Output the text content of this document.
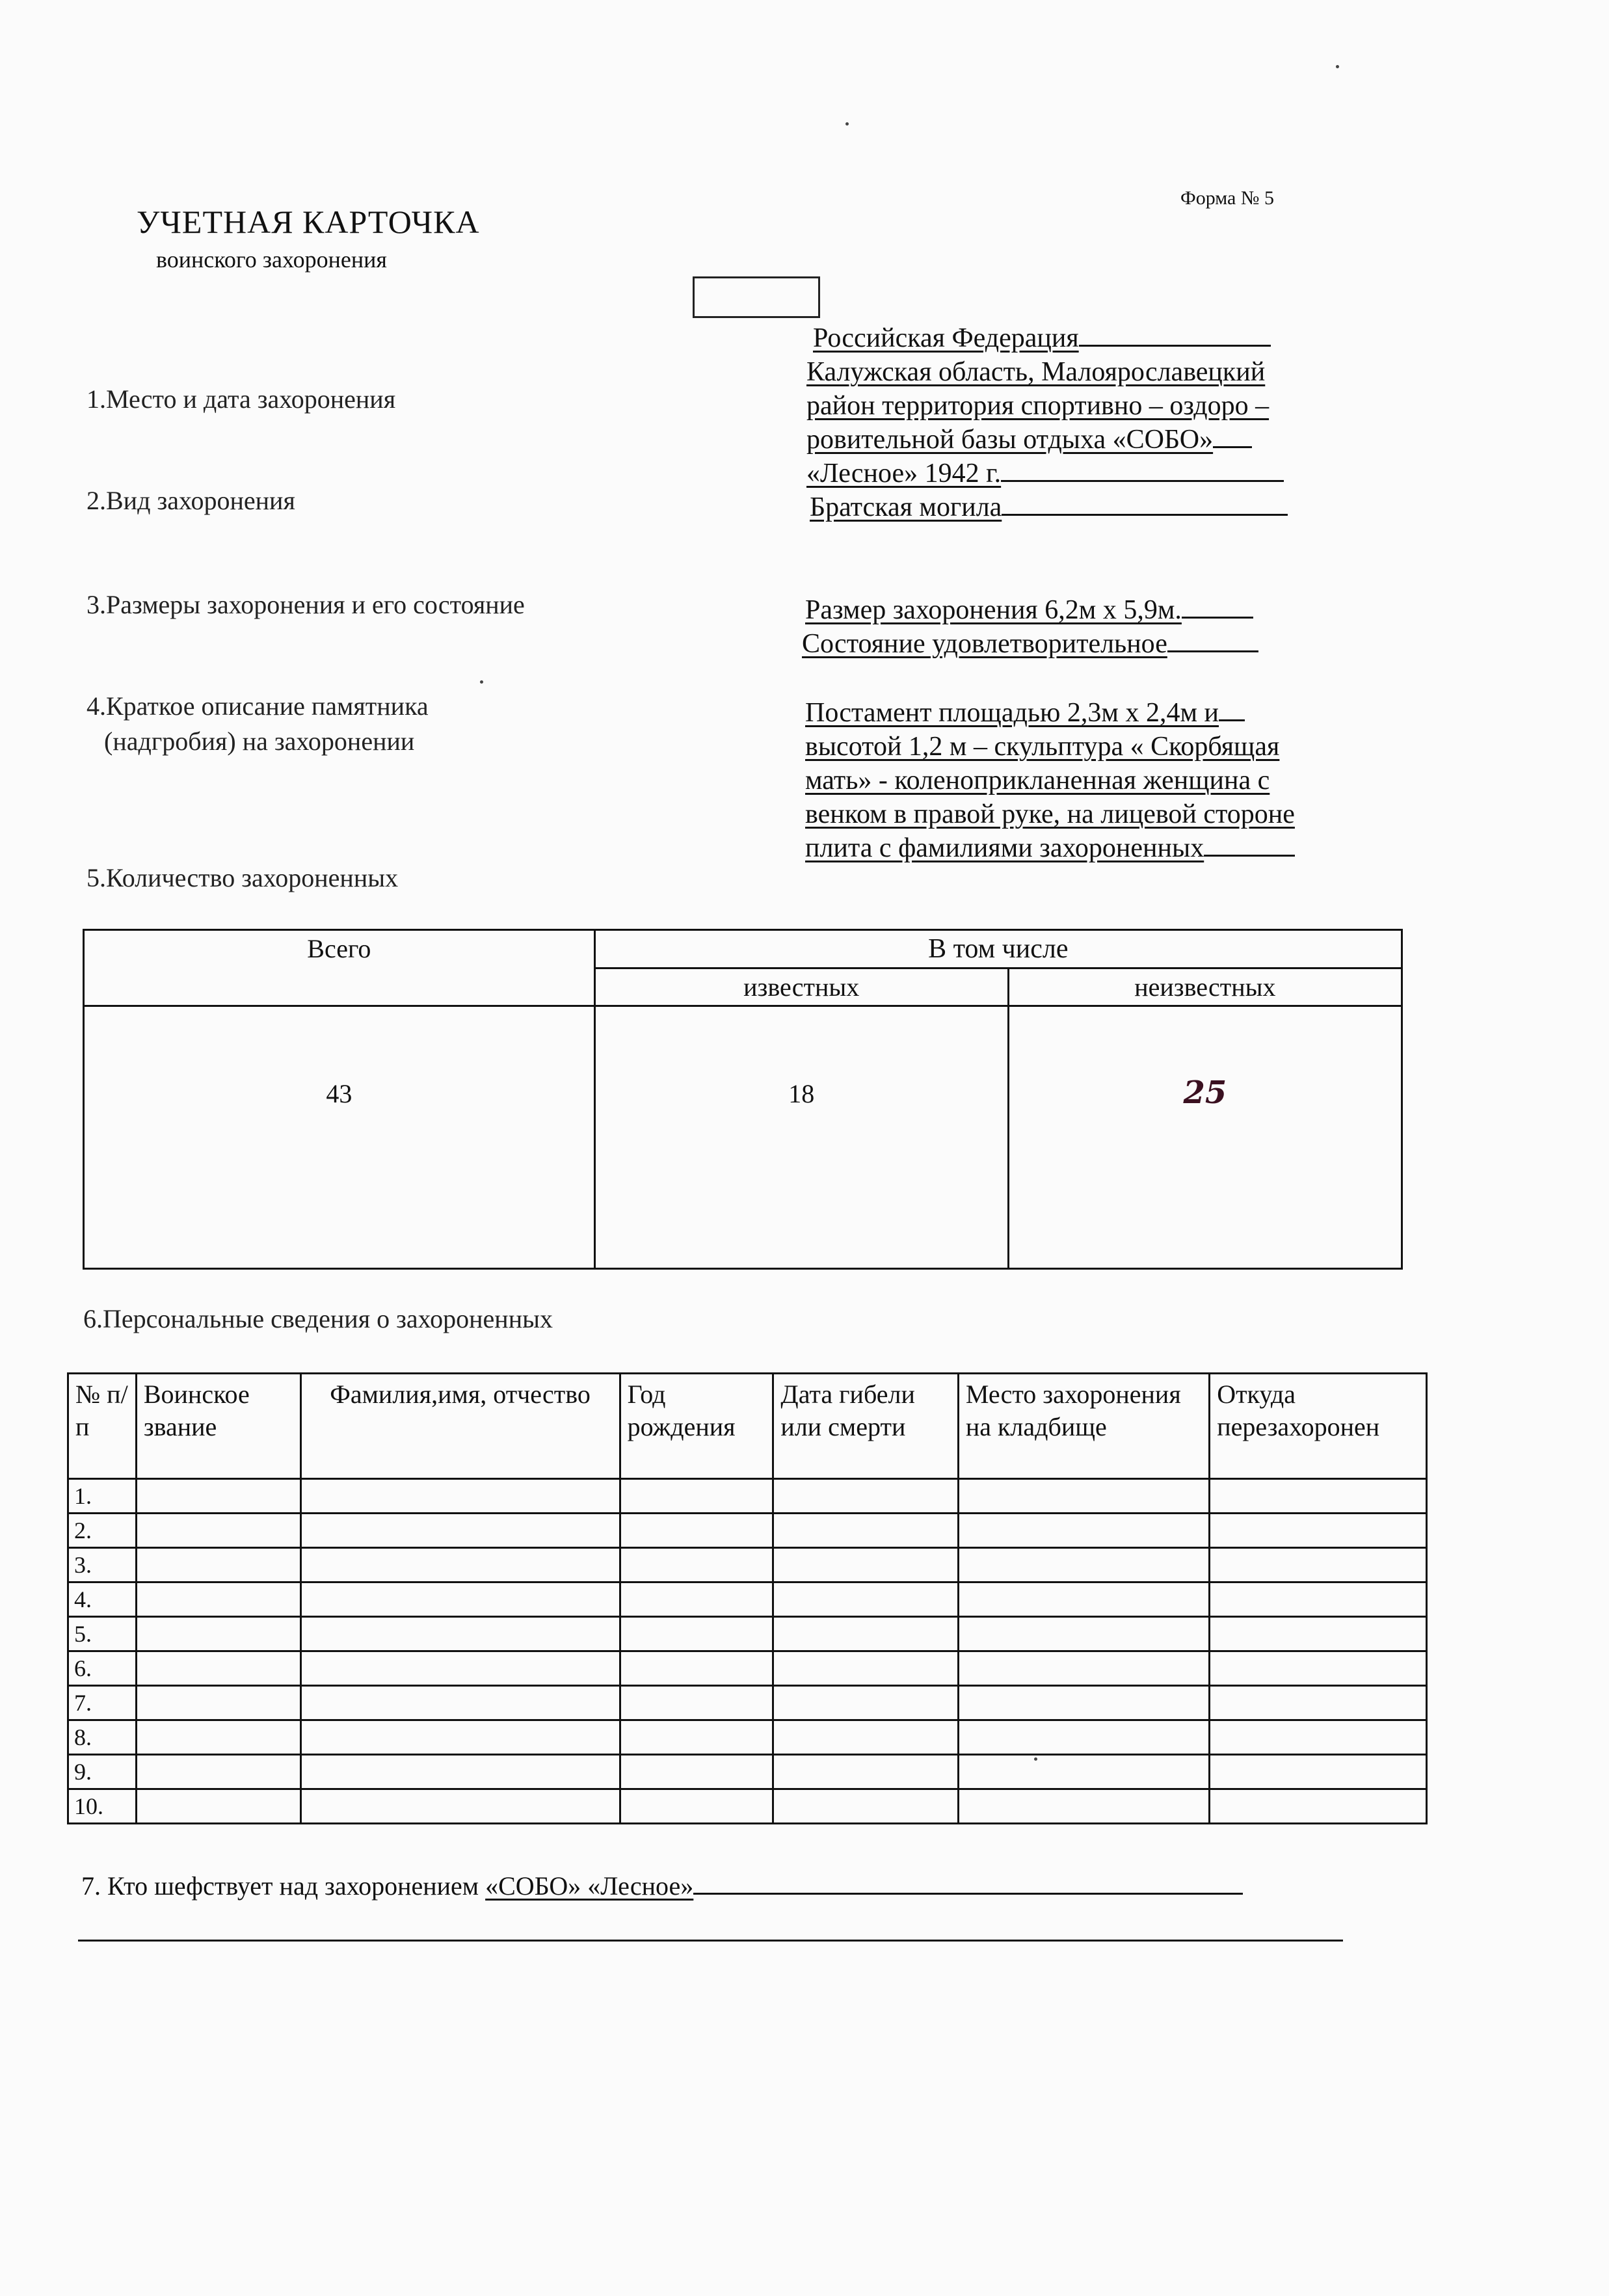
УЧЕТНАЯ КАРТОЧКА
воинского захоронения
Форма № 5
1.Место и дата захоронения
Российская Федерация
Калужская область, Малоярославецкий
район территория спортивно – оздоро –
ровительной базы отдыха «СОБО»
«Лесное» 1942 г.
2.Вид захоронения	Братская могила
3.Размеры захоронения и его состояние	Размер захоронения 6,2м х 5,9м.
Состояние удовлетворительное
4.Краткое описание памятника
(надгробия) на захоронении
Постамент площадью 2,3м х 2,4м и
высотой 1,2 м – скульптура « Скорбящая
мать» - коленоприкланенная женщина с
венком в правой руке, на лицевой стороне
плита с фамилиями захороненных
5.Количество захороненных
Всего	В том числе	
	известных	неизвестных
43	18	25
6.Персональные сведения о захороненных
№ п/п	Воинское звание	Фамилия,имя, отчество	Год рождения	Дата гибели или смерти	Место захоронения на кладбище	Откуда перезахоронен
1.						
2.						
3.						
4.						
5.						
6.						
7.						
8.						
9.						
10.						
7. Кто шефствует над захоронением «СОБО» «Лесное»
